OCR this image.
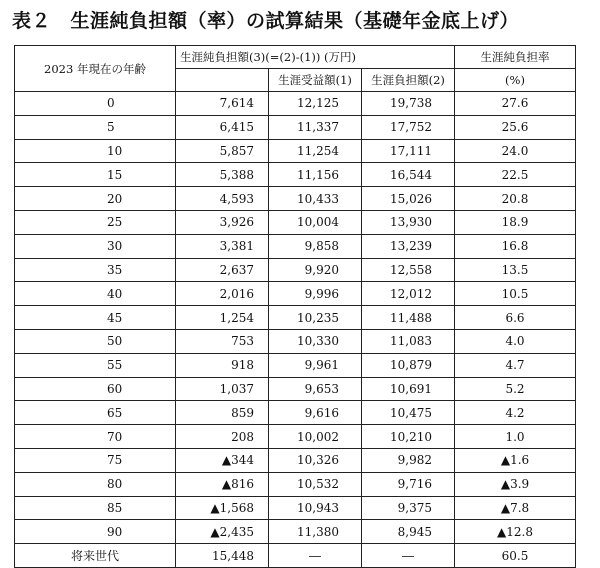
表２　生涯純負担額（率）の試算結果（基礎年金底上げ）
2023 年現在の年齢	生涯純負担額(3)(=(2)-(1)) (万円)			生涯純負担率
		生涯受益額(1)	生涯負担額(2)	(%)
0	7,614	12,125	19,738	27.6
5	6,415	11,337	17,752	25.6
10	5,857	11,254	17,111	24.0
15	5,388	11,156	16,544	22.5
20	4,593	10,433	15,026	20.8
25	3,926	10,004	13,930	18.9
30	3,381	9,858	13,239	16.8
35	2,637	9,920	12,558	13.5
40	2,016	9,996	12,012	10.5
45	1,254	10,235	11,488	6.6
50	753	10,330	11,083	4.0
55	918	9,961	10,879	4.7
60	1,037	9,653	10,691	5.2
65	859	9,616	10,475	4.2
70	208	10,002	10,210	1.0
75	▲344	10,326	9,982	▲1.6
80	▲816	10,532	9,716	▲3.9
85	▲1,568	10,943	9,375	▲7.8
90	▲2,435	11,380	8,945	▲12.8
将来世代	15,448	―	―	60.5
